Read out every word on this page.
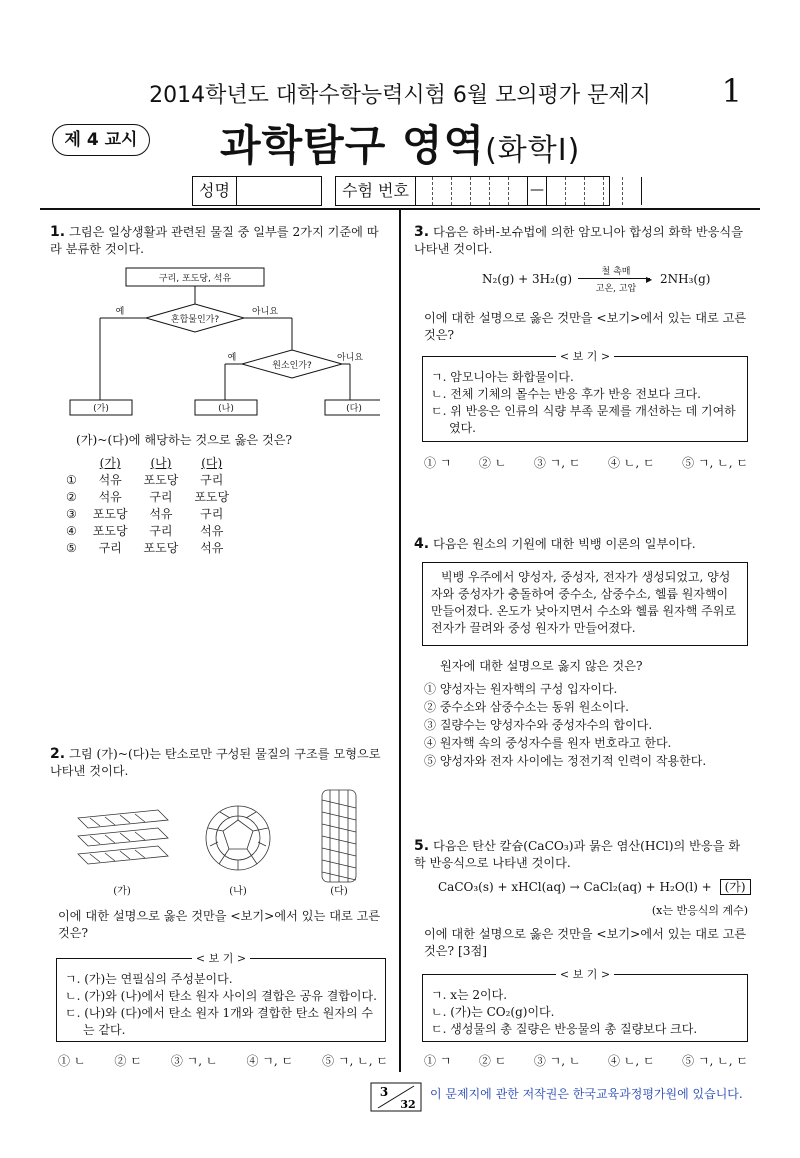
2014학년도 대학수학능력시험 6월 모의평가 문제지	1
제 4 교시 과학탐구 영역(화학Ⅰ)
성명	수험 번호	—
1. 그림은 일상생활과 관련된 물질 중 일부를 2가지 기준에 따라 분류한 것이다.
구리, 포도당, 석유
혼합물인가?
예	아니요
원소인가?
예	아니요
(가)	(나)	(다)
(가)~(다)에 해당하는 것으로 옳은 것은?
	(가)	(나)	(다)
①	석유	포도당	구리
②	석유	구리	포도당
③	포도당	석유	구리
④	포도당	구리	석유
⑤	구리	포도당	석유
2. 그림 (가)~(다)는 탄소로만 구성된 물질의 구조를 모형으로 나타낸 것이다.
(가)	(나)	(다)
이에 대한 설명으로 옳은 것만을 <보기>에서 있는 대로 고른 것은?
< 보 기 >
ㄱ. (가)는 연필심의 주성분이다.
ㄴ. (가)와 (나)에서 탄소 원자 사이의 결합은 공유 결합이다.
ㄷ. (나)와 (다)에서 탄소 원자 1개와 결합한 탄소 원자의 수는 같다.
① ㄴ ② ㄷ ③ ㄱ, ㄴ ④ ㄱ, ㄷ ⑤ ㄱ, ㄴ, ㄷ
3. 다음은 하버-보슈법에 의한 암모니아 합성의 화학 반응식을 나타낸 것이다.
N₂(g) + 3H₂(g)	철 촉매
▶
고온, 고압
2NH₃(g)
이에 대한 설명으로 옳은 것만을 <보기>에서 있는 대로 고른 것은?
< 보 기 >
ㄱ. 암모니아는 화합물이다.
ㄴ. 전체 기체의 몰수는 반응 후가 반응 전보다 크다.
ㄷ. 위 반응은 인류의 식량 부족 문제를 개선하는 데 기여하였다.
① ㄱ ② ㄴ ③ ㄱ, ㄷ ④ ㄴ, ㄷ ⑤ ㄱ, ㄴ, ㄷ
4. 다음은 원소의 기원에 대한 빅뱅 이론의 일부이다.
빅뱅 우주에서 양성자, 중성자, 전자가 생성되었고, 양성자와 중성자가 충돌하여 중수소, 삼중수소, 헬륨 원자핵이 만들어졌다. 온도가 낮아지면서 수소와 헬륨 원자핵 주위로 전자가 끌려와 중성 원자가 만들어졌다.
원자에 대한 설명으로 옳지 않은 것은?
① 양성자는 원자핵의 구성 입자이다.
② 중수소와 삼중수소는 동위 원소이다.
③ 질량수는 양성자수와 중성자수의 합이다.
④ 원자핵 속의 중성자수를 원자 번호라고 한다.
⑤ 양성자와 전자 사이에는 정전기적 인력이 작용한다.
5. 다음은 탄산 칼슘(CaCO₃)과 묽은 염산(HCl)의 반응을 화학 반응식으로 나타낸 것이다.
CaCO₃(s) + xHCl(aq) → CaCl₂(aq) + H₂O(l) + (가)
(x는 반응식의 계수)
이에 대한 설명으로 옳은 것만을 <보기>에서 있는 대로 고른 것은? [3점]
< 보 기 >
ㄱ. x는 2이다.
ㄴ. (가)는 CO₂(g)이다.
ㄷ. 생성물의 총 질량은 반응물의 총 질량보다 크다.
① ㄱ ② ㄷ ③ ㄱ, ㄴ ④ ㄴ, ㄷ ⑤ ㄱ, ㄴ, ㄷ
3
32
이 문제지에 관한 저작권은 한국교육과정평가원에 있습니다.
